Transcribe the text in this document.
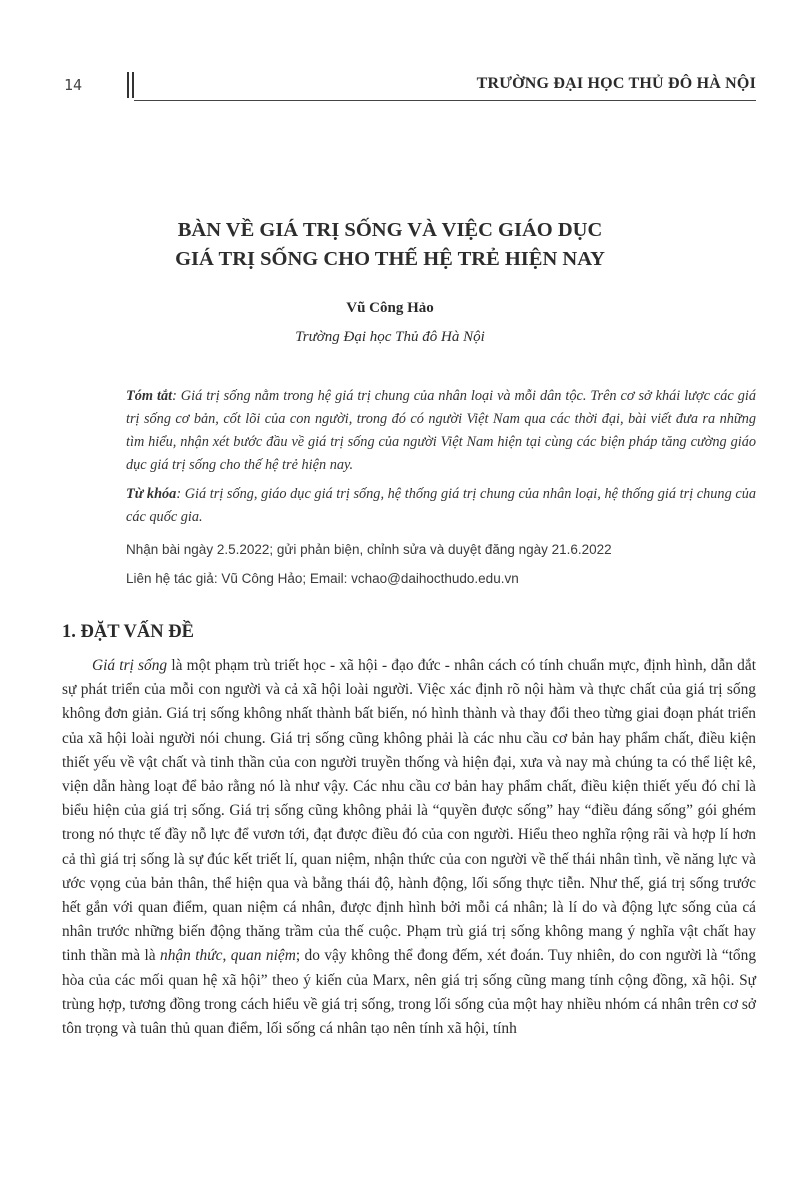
14	TRƯỜNG ĐẠI HỌC THỦ ĐÔ HÀ NỘI
BÀN VỀ GIÁ TRỊ SỐNG VÀ VIỆC GIÁO DỤC
GIÁ TRỊ SỐNG CHO THẾ HỆ TRẺ HIỆN NAY
Vũ Công Hảo
Trường Đại học Thủ đô Hà Nội

Tóm tắt: Giá trị sống nằm trong hệ giá trị chung của nhân loại và mỗi dân tộc. Trên cơ sở khái lược các giá trị sống cơ bản, cốt lõi của con người, trong đó có người Việt Nam qua các thời đại, bài viết đưa ra những tìm hiểu, nhận xét bước đầu về giá trị sống của người Việt Nam hiện tại cùng các biện pháp tăng cường giáo dục giá trị sống cho thế hệ trẻ hiện nay.

Từ khóa: Giá trị sống, giáo dục giá trị sống, hệ thống giá trị chung của nhân loại, hệ thống giá trị chung của các quốc gia.

Nhận bài ngày 2.5.2022; gửi phản biện, chỉnh sửa và duyệt đăng ngày 21.6.2022
Liên hệ tác giả: Vũ Công Hảo; Email: vchao@daihocthudo.edu.vn
1. ĐẶT VẤN ĐỀ

Giá trị sống là một phạm trù triết học - xã hội - đạo đức - nhân cách có tính chuẩn mực, định hình, dẫn dắt sự phát triển của mỗi con người và cả xã hội loài người. Việc xác định rõ nội hàm và thực chất của giá trị sống không đơn giản. Giá trị sống không nhất thành bất biến, nó hình thành và thay đổi theo từng giai đoạn phát triển của xã hội loài người nói chung. Giá trị sống cũng không phải là các nhu cầu cơ bản hay phẩm chất, điều kiện thiết yếu về vật chất và tinh thần của con người truyền thống và hiện đại, xưa và nay mà chúng ta có thể liệt kê, viện dẫn hàng loạt để bảo rằng nó là như vậy. Các nhu cầu cơ bản hay phẩm chất, điều kiện thiết yếu đó chỉ là biểu hiện của giá trị sống. Giá trị sống cũng không phải là “quyền được sống” hay “điều đáng sống” gói ghém trong nó thực tế đầy nỗ lực để vươn tới, đạt được điều đó của con người. Hiểu theo nghĩa rộng rãi và hợp lí hơn cả thì giá trị sống là sự đúc kết triết lí, quan niệm, nhận thức của con người về thế thái nhân tình, về năng lực và ước vọng của bản thân, thể hiện qua và bằng thái độ, hành động, lối sống thực tiễn. Như thế, giá trị sống trước hết gắn với quan điểm, quan niệm cá nhân, được định hình bởi mỗi cá nhân; là lí do và động lực sống của cá nhân trước những biến động thăng trầm của thế cuộc. Phạm trù giá trị sống không mang ý nghĩa vật chất hay tinh thần mà là nhận thức, quan niệm; do vậy không thể đong đếm, xét đoán. Tuy nhiên, do con người là “tổng hòa của các mối quan hệ xã hội” theo ý kiến của Marx, nên giá trị sống cũng mang tính cộng đồng, xã hội. Sự trùng hợp, tương đồng trong cách hiểu về giá trị sống, trong lối sống của một hay nhiều nhóm cá nhân trên cơ sở tôn trọng và tuân thủ quan điểm, lối sống cá nhân tạo nên tính xã hội, tính
